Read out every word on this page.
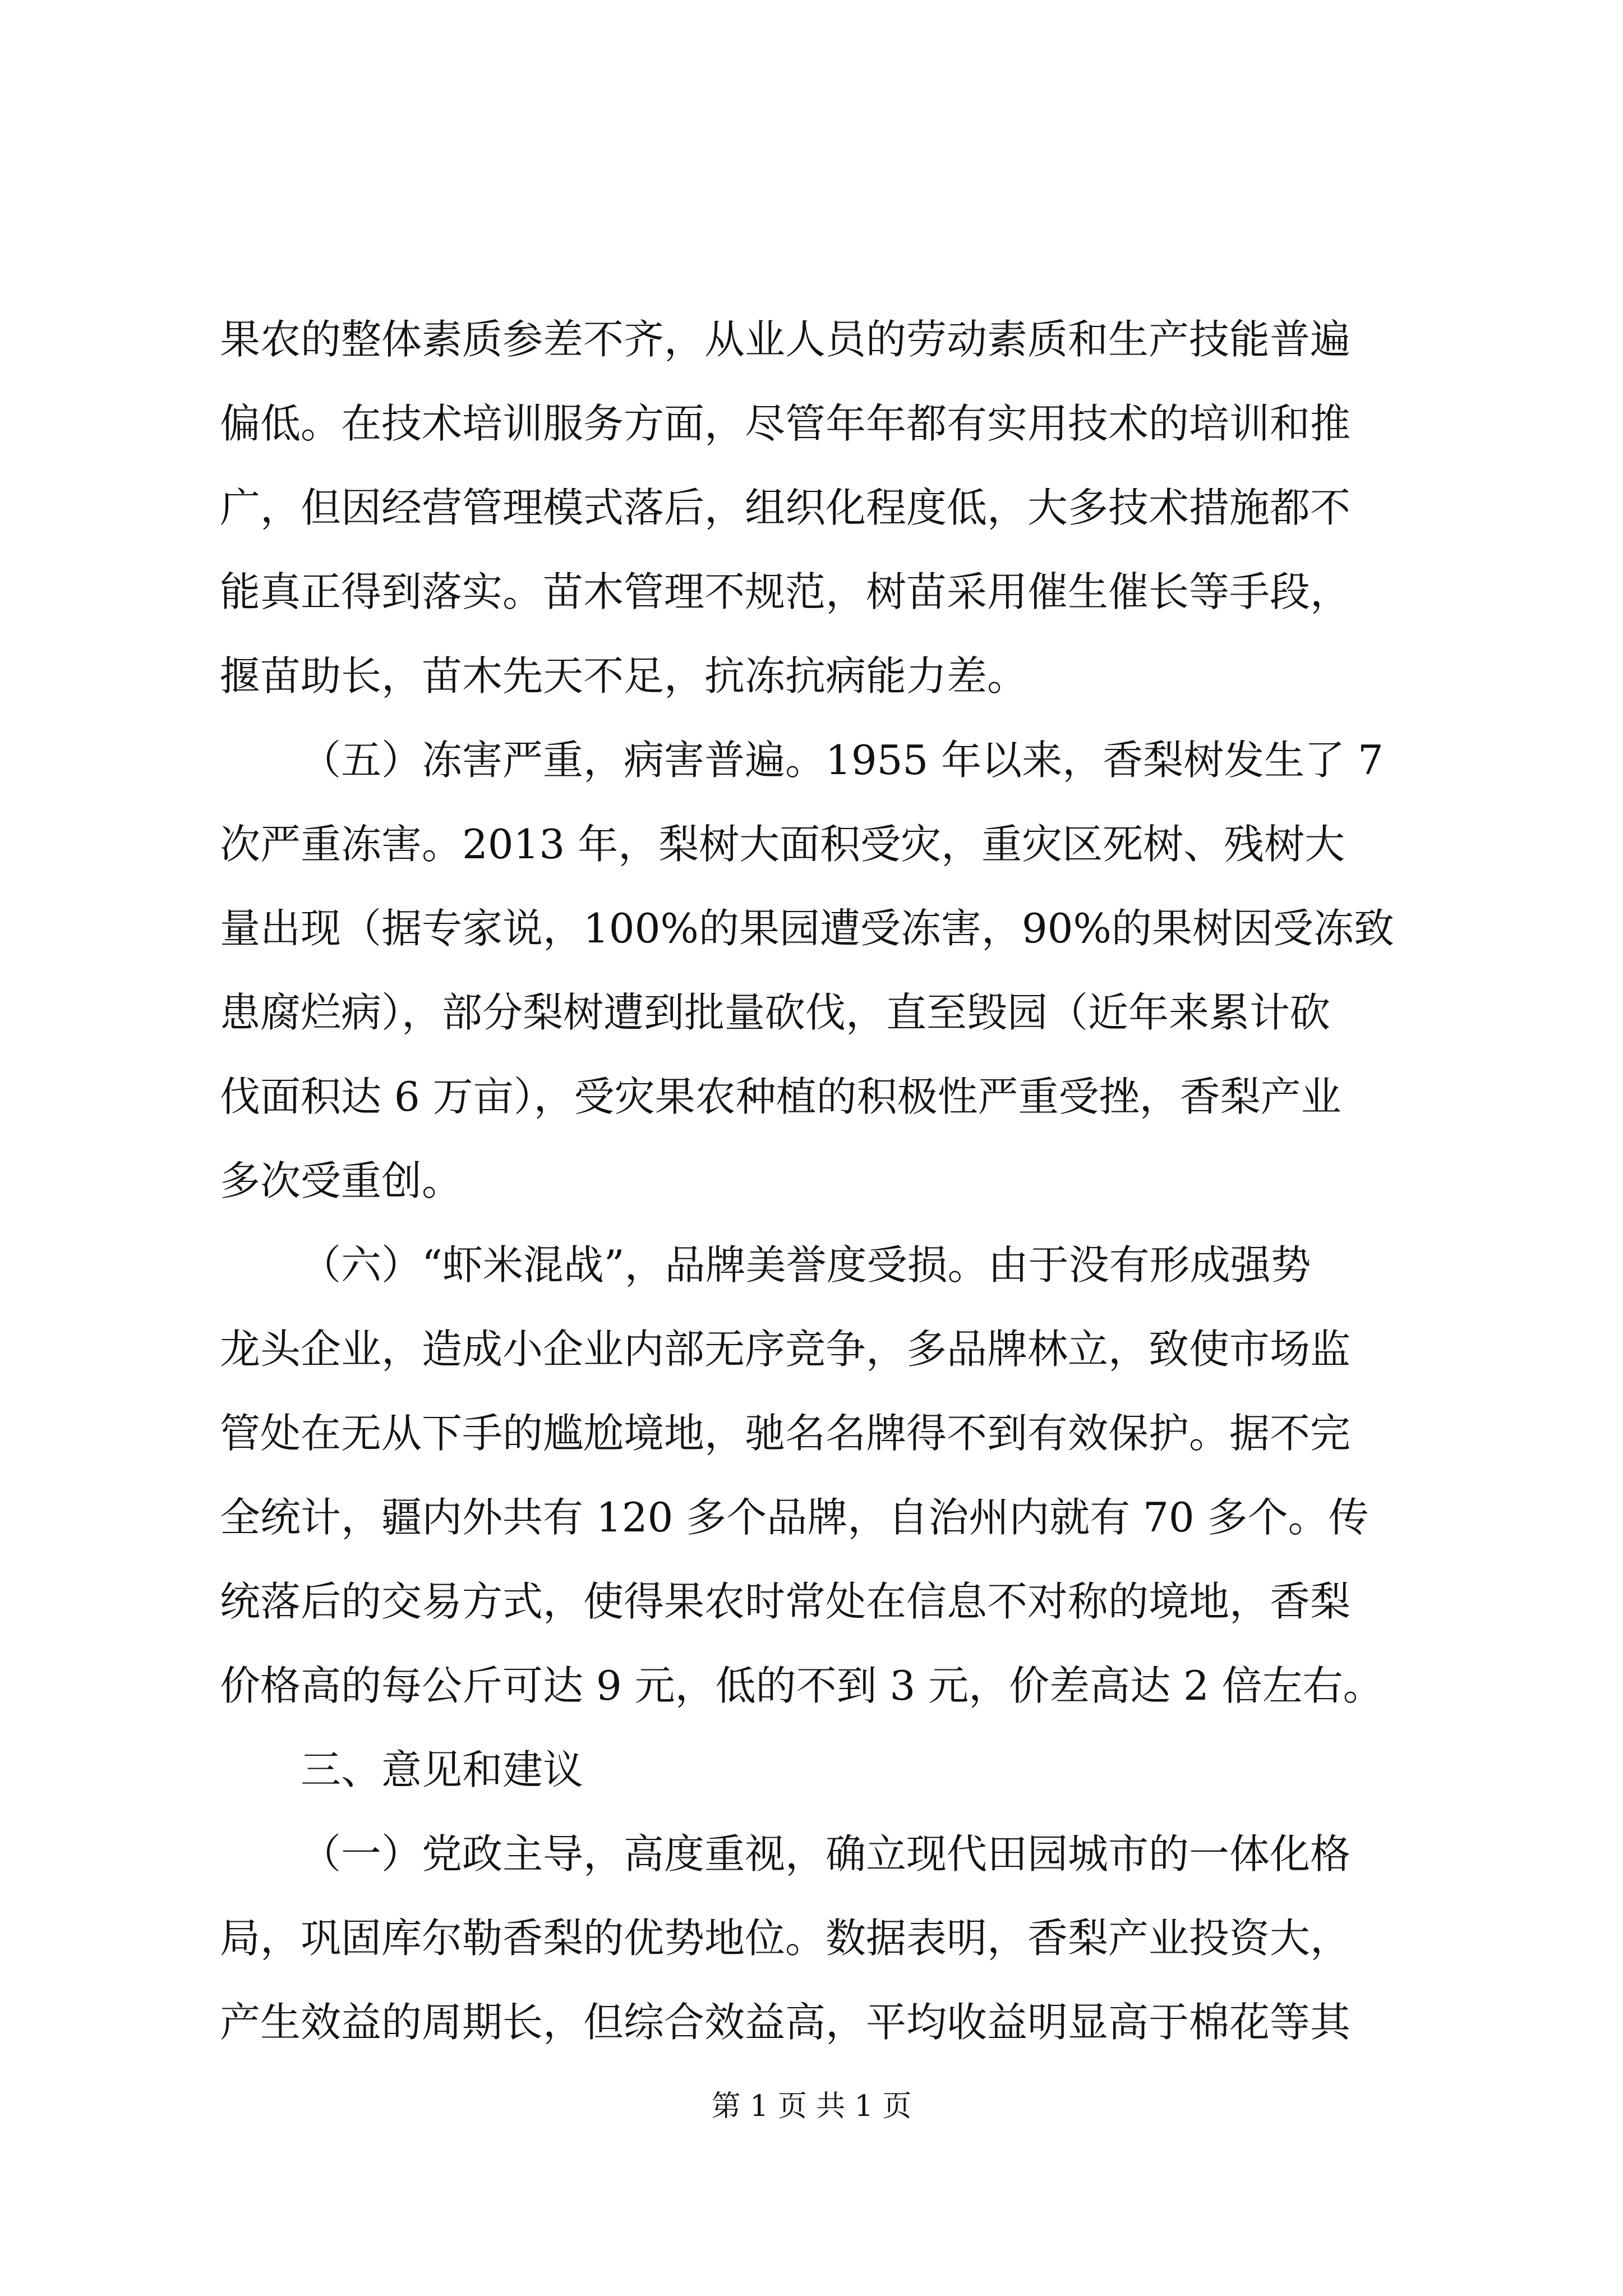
果农的整体素质参差不齐，从业人员的劳动素质和生产技能普遍
偏低。在技术培训服务方面，尽管年年都有实用技术的培训和推
广，但因经营管理模式落后，组织化程度低，大多技术措施都不
能真正得到落实。苗木管理不规范，树苗采用催生催长等手段，
揠苗助长，苗木先天不足，抗冻抗病能力差。
（五）冻害严重，病害普遍。1955 年以来，香梨树发生了 7
次严重冻害。2013 年，梨树大面积受灾，重灾区死树、残树大
量出现（据专家说，100%的果园遭受冻害，90%的果树因受冻致
患腐烂病），部分梨树遭到批量砍伐，直至毁园（近年来累计砍
伐面积达 6 万亩），受灾果农种植的积极性严重受挫，香梨产业
多次受重创。
（六）“虾米混战”，品牌美誉度受损。由于没有形成强势
龙头企业，造成小企业内部无序竞争，多品牌林立，致使市场监
管处在无从下手的尴尬境地，驰名名牌得不到有效保护。据不完
全统计，疆内外共有 120 多个品牌，自治州内就有 70 多个。传
统落后的交易方式，使得果农时常处在信息不对称的境地，香梨
价格高的每公斤可达 9 元，低的不到 3 元，价差高达 2 倍左右。
三、意见和建议
（一）党政主导，高度重视，确立现代田园城市的一体化格
局，巩固库尔勒香梨的优势地位。数据表明，香梨产业投资大，
产生效益的周期长，但综合效益高，平均收益明显高于棉花等其
第 1 页 共 1 页
